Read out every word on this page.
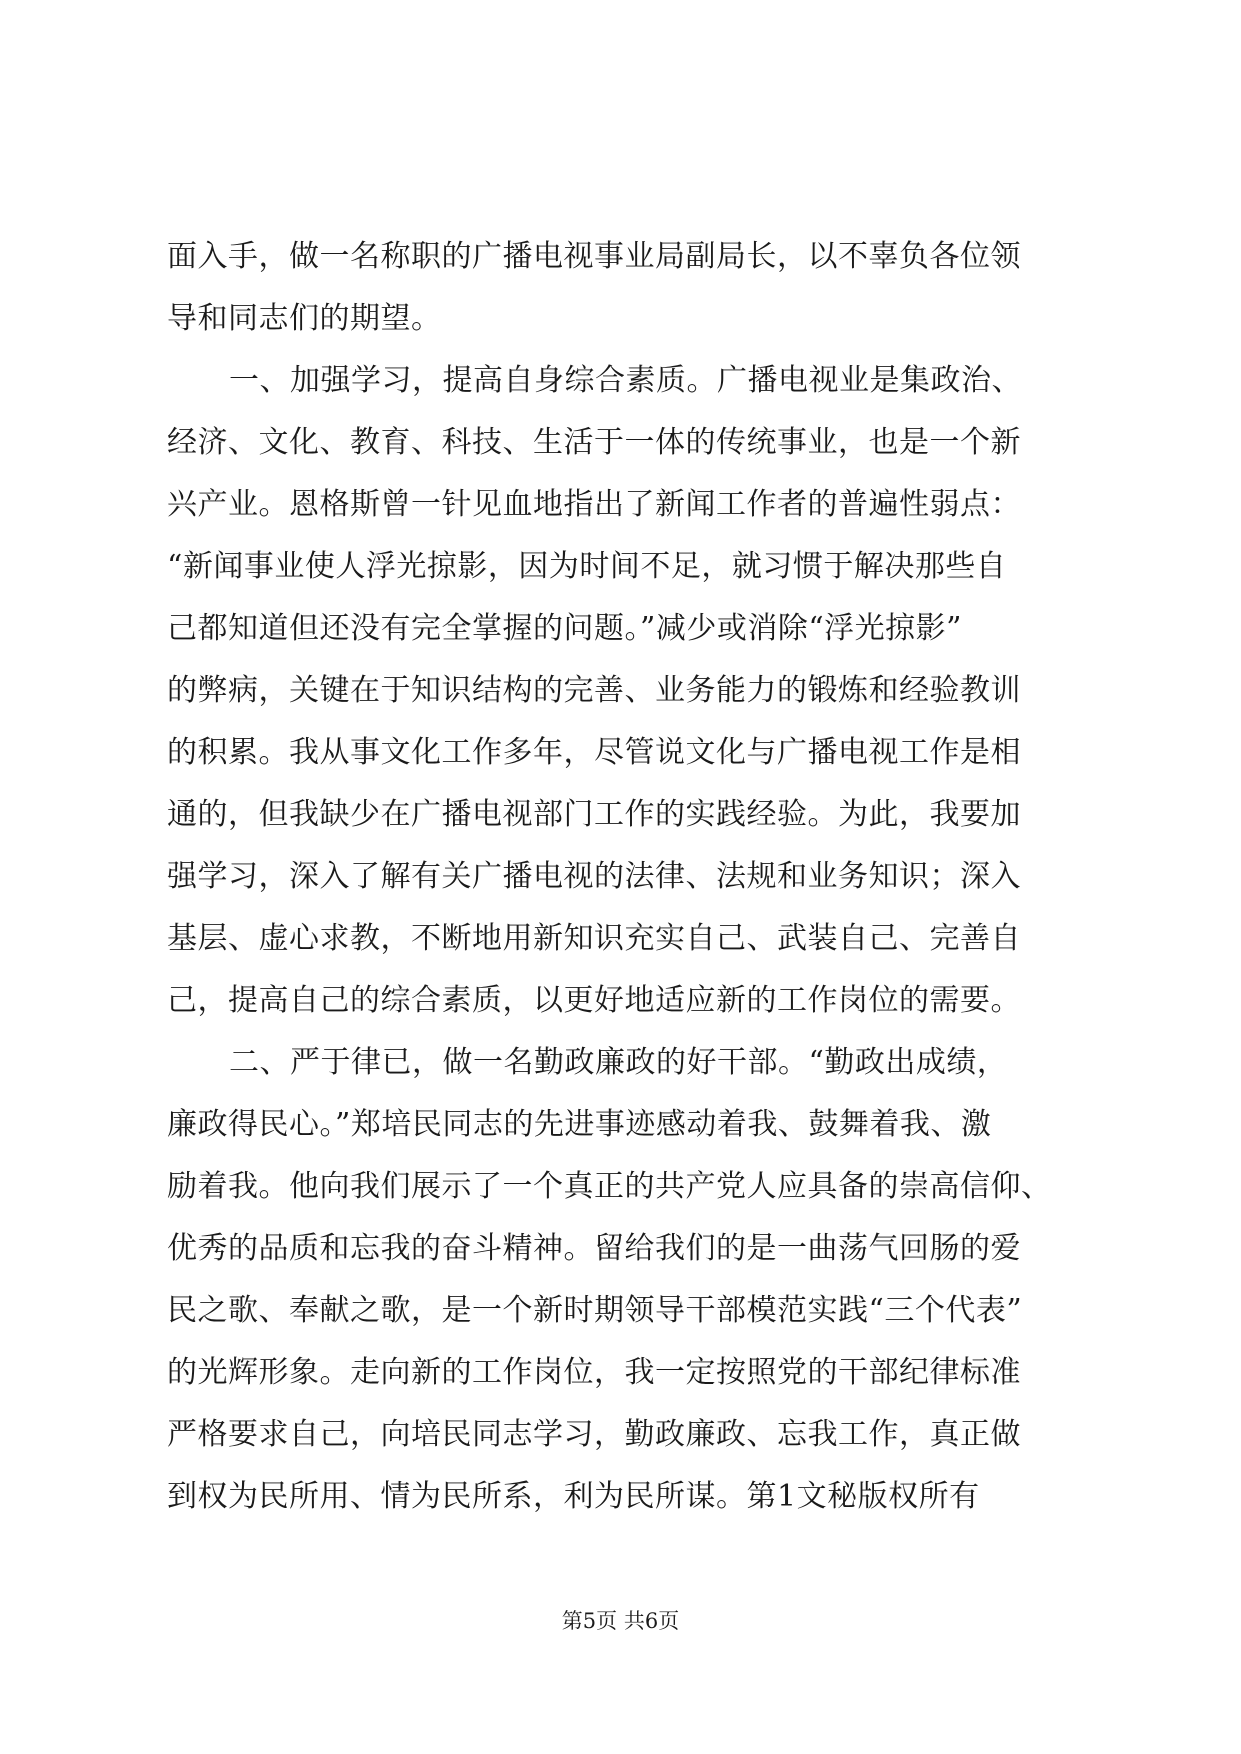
面入手，做一名称职的广播电视事业局副局长，以不辜负各位领
导和同志们的期望。
一、加强学习，提高自身综合素质。广播电视业是集政治、
经济、文化、教育、科技、生活于一体的传统事业，也是一个新
兴产业。恩格斯曾一针见血地指出了新闻工作者的普遍性弱点：
“新闻事业使人浮光掠影，因为时间不足，就习惯于解决那些自
己都知道但还没有完全掌握的问题。”减少或消除“浮光掠影”
的弊病，关键在于知识结构的完善、业务能力的锻炼和经验教训
的积累。我从事文化工作多年，尽管说文化与广播电视工作是相
通的，但我缺少在广播电视部门工作的实践经验。为此，我要加
强学习，深入了解有关广播电视的法律、法规和业务知识；深入
基层、虚心求教，不断地用新知识充实自己、武装自己、完善自
己，提高自己的综合素质，以更好地适应新的工作岗位的需要。
二、严于律已，做一名勤政廉政的好干部。“勤政出成绩，
廉政得民心。”郑培民同志的先进事迹感动着我、鼓舞着我、激
励着我。他向我们展示了一个真正的共产党人应具备的崇高信仰、
优秀的品质和忘我的奋斗精神。留给我们的是一曲荡气回肠的爱
民之歌、奉献之歌，是一个新时期领导干部模范实践“三个代表”
的光辉形象。走向新的工作岗位，我一定按照党的干部纪律标准
严格要求自己，向培民同志学习，勤政廉政、忘我工作，真正做
到权为民所用、情为民所系，利为民所谋。第1文秘版权所有
第5页 共6页
